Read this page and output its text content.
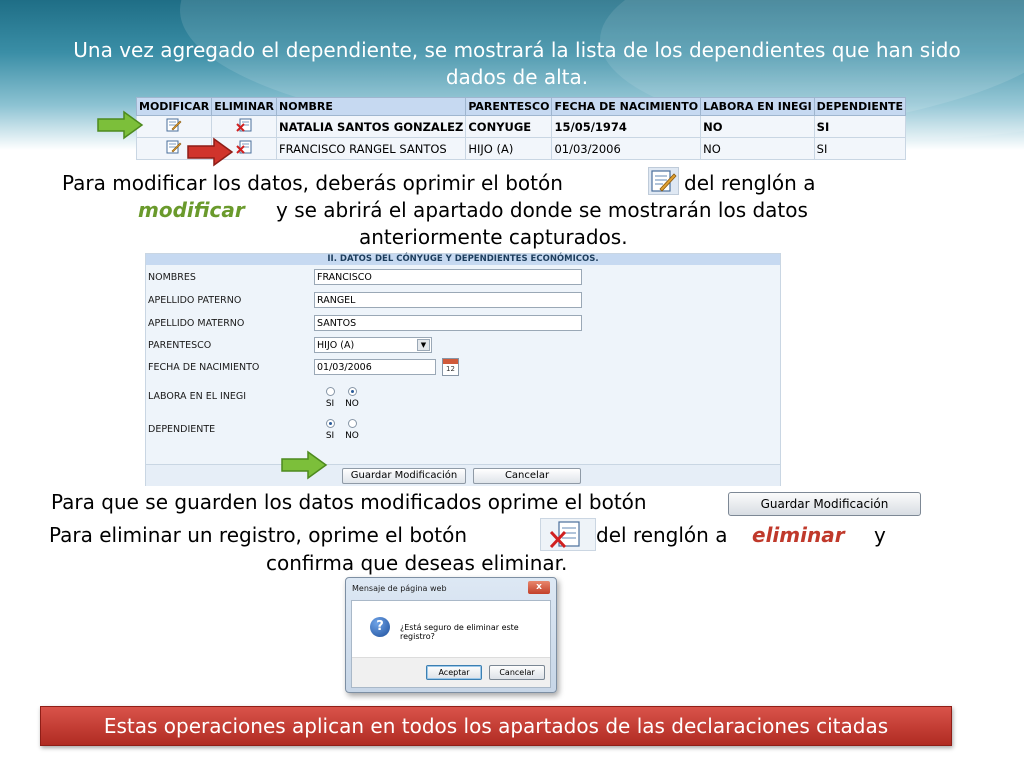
Una vez agregado el dependiente, se mostrará la lista de los dependientes que han sido dados de alta.
MODIFICAR	ELIMINAR	NOMBRE	PARENTESCO	FECHA DE NACIMIENTO	LABORA EN INEGI	DEPENDIENTE
		NATALIA SANTOS GONZALEZ	CONYUGE	15/05/1974	NO	SI
		FRANCISCO RANGEL SANTOS	HIJO (A)	01/03/2006	NO	SI
Para modificar los datos, deberás oprimir el botón	del renglón a
modificar y se abrirá el apartado donde se mostrarán los datos
anteriormente capturados.
II. DATOS DEL CÓNYUGE Y DEPENDIENTES ECONÓMICOS.
NOMBRES	FRANCISCO
APELLIDO PATERNO	RANGEL
APELLIDO MATERNO	SANTOS
PARENTESCO	HIJO (A)	▼
FECHA DE NACIMIENTO	01/03/2006	12
LABORA EN EL INEGI
SI	NO
DEPENDIENTE
SI	NO
Guardar Modificación	Cancelar
Para que se guarden los datos modificados oprime el botón	Guardar Modificación
Para eliminar un registro, oprime el botón	del renglón a eliminar y
confirma que deseas eliminar.
Mensaje de página web	x
?	¿Está seguro de eliminar este registro?
Aceptar	Cancelar
Estas operaciones aplican en todos los apartados de las declaraciones citadas
